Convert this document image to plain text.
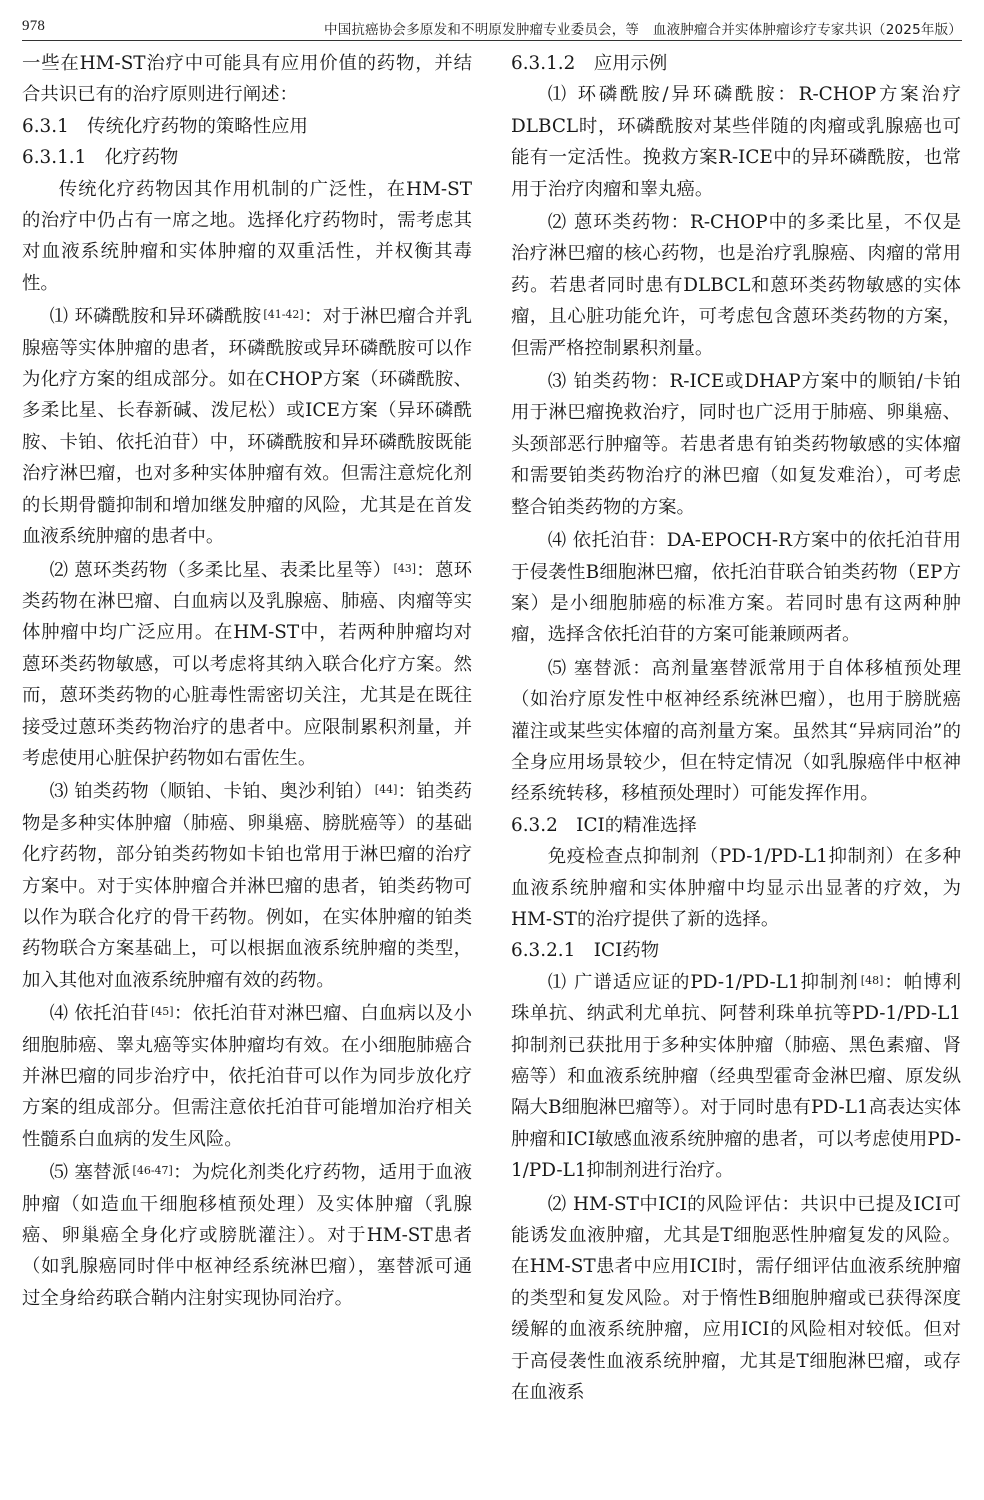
978	中国抗癌协会多原发和不明原发肿瘤专业委员会，等　血液肿瘤合并实体肿瘤诊疗专家共识（2025年版）

一些在HM-ST治疗中可能具有应用价值的药物，并结合共识已有的治疗原则进行阐述：

6.3.1　传统化疗药物的策略性应用

6.3.1.1　化疗药物

传统化疗药物因其作用机制的广泛性，在HM-ST的治疗中仍占有一席之地。选择化疗药物时，需考虑其对血液系统肿瘤和实体肿瘤的双重活性，并权衡其毒性。

⑴ 环磷酰胺和异环磷酰胺 [41-42]：对于淋巴瘤合并乳腺癌等实体肿瘤的患者，环磷酰胺或异环磷酰胺可以作为化疗方案的组成部分。如在CHOP方案（环磷酰胺、多柔比星、长春新碱、泼尼松）或ICE方案（异环磷酰胺、卡铂、依托泊苷）中，环磷酰胺和异环磷酰胺既能治疗淋巴瘤，也对多种实体肿瘤有效。但需注意烷化剂的长期骨髓抑制和增加继发肿瘤的风险，尤其是在首发血液系统肿瘤的患者中。

⑵ 蒽环类药物（多柔比星、表柔比星等） [43]：蒽环类药物在淋巴瘤、白血病以及乳腺癌、肺癌、肉瘤等实体肿瘤中均广泛应用。在HM-ST中，若两种肿瘤均对蒽环类药物敏感，可以考虑将其纳入联合化疗方案。然而，蒽环类药物的心脏毒性需密切关注，尤其是在既往接受过蒽环类药物治疗的患者中。应限制累积剂量，并考虑使用心脏保护药物如右雷佐生。

⑶ 铂类药物（顺铂、卡铂、奥沙利铂） [44]：铂类药物是多种实体肿瘤（肺癌、卵巢癌、膀胱癌等）的基础化疗药物，部分铂类药物如卡铂也常用于淋巴瘤的治疗方案中。对于实体肿瘤合并淋巴瘤的患者，铂类药物可以作为联合化疗的骨干药物。例如，在实体肿瘤的铂类药物联合方案基础上，可以根据血液系统肿瘤的类型，加入其他对血液系统肿瘤有效的药物。

⑷ 依托泊苷 [45]：依托泊苷对淋巴瘤、白血病以及小细胞肺癌、睾丸癌等实体肿瘤均有效。在小细胞肺癌合并淋巴瘤的同步治疗中，依托泊苷可以作为同步放化疗方案的组成部分。但需注意依托泊苷可能增加治疗相关性髓系白血病的发生风险。

⑸ 塞替派 [46-47]：为烷化剂类化疗药物，适用于血液肿瘤（如造血干细胞移植预处理）及实体肿瘤（乳腺癌、卵巢癌全身化疗或膀胱灌注）。对于HM-ST患者（如乳腺癌同时伴中枢神经系统淋巴瘤），塞替派可通过全身给药联合鞘内注射实现协同治疗。

6.3.1.2　应用示例

⑴ 环磷酰胺/异环磷酰胺：R-CHOP方案治疗DLBCL时，环磷酰胺对某些伴随的肉瘤或乳腺癌也可能有一定活性。挽救方案R-ICE中的异环磷酰胺，也常用于治疗肉瘤和睾丸癌。

⑵ 蒽环类药物：R-CHOP中的多柔比星，不仅是治疗淋巴瘤的核心药物，也是治疗乳腺癌、肉瘤的常用药。若患者同时患有DLBCL和蒽环类药物敏感的实体瘤，且心脏功能允许，可考虑包含蒽环类药物的方案，但需严格控制累积剂量。

⑶ 铂类药物：R-ICE或DHAP方案中的顺铂/卡铂用于淋巴瘤挽救治疗，同时也广泛用于肺癌、卵巢癌、头颈部恶行肿瘤等。若患者患有铂类药物敏感的实体瘤和需要铂类药物治疗的淋巴瘤（如复发难治），可考虑整合铂类药物的方案。

⑷ 依托泊苷：DA-EPOCH-R方案中的依托泊苷用于侵袭性B细胞淋巴瘤，依托泊苷联合铂类药物（EP方案）是小细胞肺癌的标准方案。若同时患有这两种肿瘤，选择含依托泊苷的方案可能兼顾两者。

⑸ 塞替派：高剂量塞替派常用于自体移植预处理（如治疗原发性中枢神经系统淋巴瘤），也用于膀胱癌灌注或某些实体瘤的高剂量方案。虽然其“异病同治”的全身应用场景较少，但在特定情况（如乳腺癌伴中枢神经系统转移，移植预处理时）可能发挥作用。

6.3.2　ICI的精准选择

免疫检查点抑制剂（PD-1/PD-L1抑制剂）在多种血液系统肿瘤和实体肿瘤中均显示出显著的疗效，为HM-ST的治疗提供了新的选择。

6.3.2.1　ICI药物

⑴ 广谱适应证的PD-1/PD-L1抑制剂 [48]：帕博利珠单抗、纳武利尤单抗、阿替利珠单抗等PD-1/PD-L1抑制剂已获批用于多种实体肿瘤（肺癌、黑色素瘤、肾癌等）和血液系统肿瘤（经典型霍奇金淋巴瘤、原发纵隔大B细胞淋巴瘤等）。对于同时患有PD-L1高表达实体肿瘤和ICI敏感血液系统肿瘤的患者，可以考虑使用PD-1/PD-L1抑制剂进行治疗。

⑵ HM-ST中ICI的风险评估：共识中已提及ICI可能诱发血液肿瘤，尤其是T细胞恶性肿瘤复发的风险。在HM-ST患者中应用ICI时，需仔细评估血液系统肿瘤的类型和复发风险。对于惰性B细胞肿瘤或已获得深度缓解的血液系统肿瘤，应用ICI的风险相对较低。但对于高侵袭性血液系统肿瘤，尤其是T细胞淋巴瘤，或存在血液系
